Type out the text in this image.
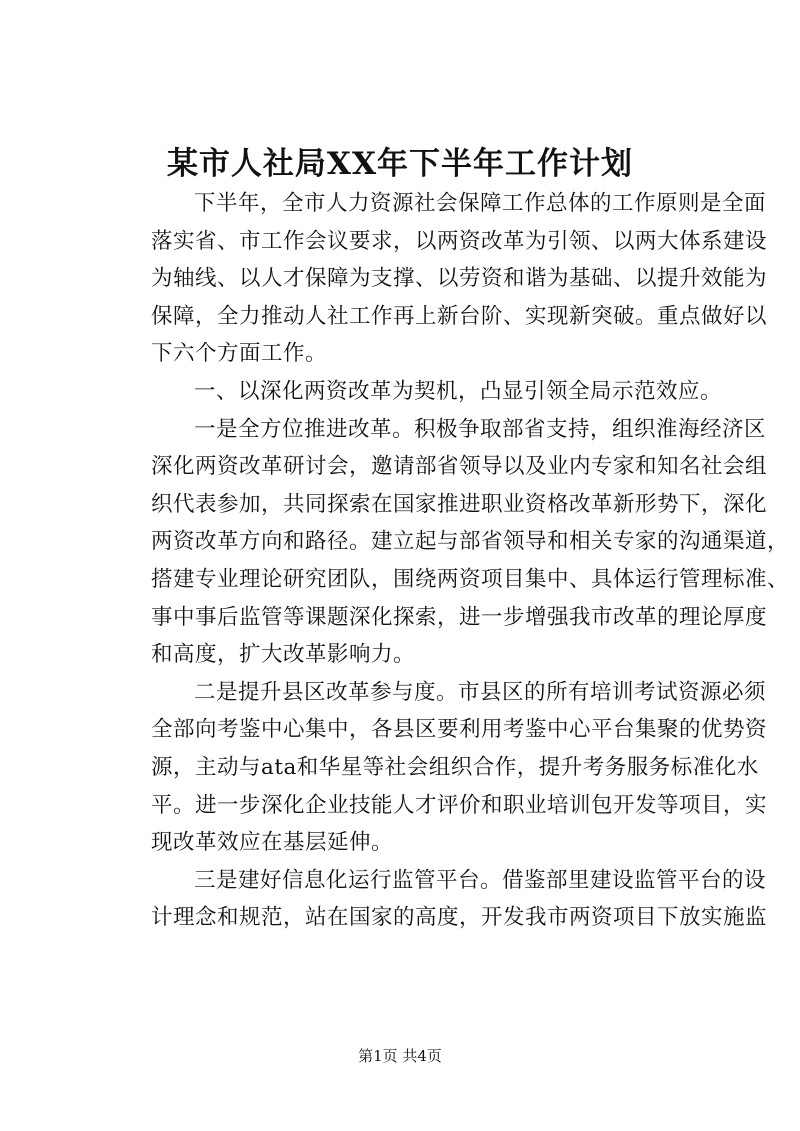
某市人社局XX年下半年工作计划
下半年，全市人力资源社会保障工作总体的工作原则是全面
落实省、市工作会议要求，以两资改革为引领、以两大体系建设
为轴线、以人才保障为支撑、以劳资和谐为基础、以提升效能为
保障，全力推动人社工作再上新台阶、实现新突破。重点做好以
下六个方面工作。
一、以深化两资改革为契机，凸显引领全局示范效应。
一是全方位推进改革。积极争取部省支持，组织淮海经济区
深化两资改革研讨会，邀请部省领导以及业内专家和知名社会组
织代表参加，共同探索在国家推进职业资格改革新形势下，深化
两资改革方向和路径。建立起与部省领导和相关专家的沟通渠道，
搭建专业理论研究团队，围绕两资项目集中、具体运行管理标准、
事中事后监管等课题深化探索，进一步增强我市改革的理论厚度
和高度，扩大改革影响力。
二是提升县区改革参与度。市县区的所有培训考试资源必须
全部向考鉴中心集中，各县区要利用考鉴中心平台集聚的优势资
源，主动与ata和华星等社会组织合作，提升考务服务标准化水
平。进一步深化企业技能人才评价和职业培训包开发等项目，实
现改革效应在基层延伸。
三是建好信息化运行监管平台。借鉴部里建设监管平台的设
计理念和规范，站在国家的高度，开发我市两资项目下放实施监
第1页 共4页
